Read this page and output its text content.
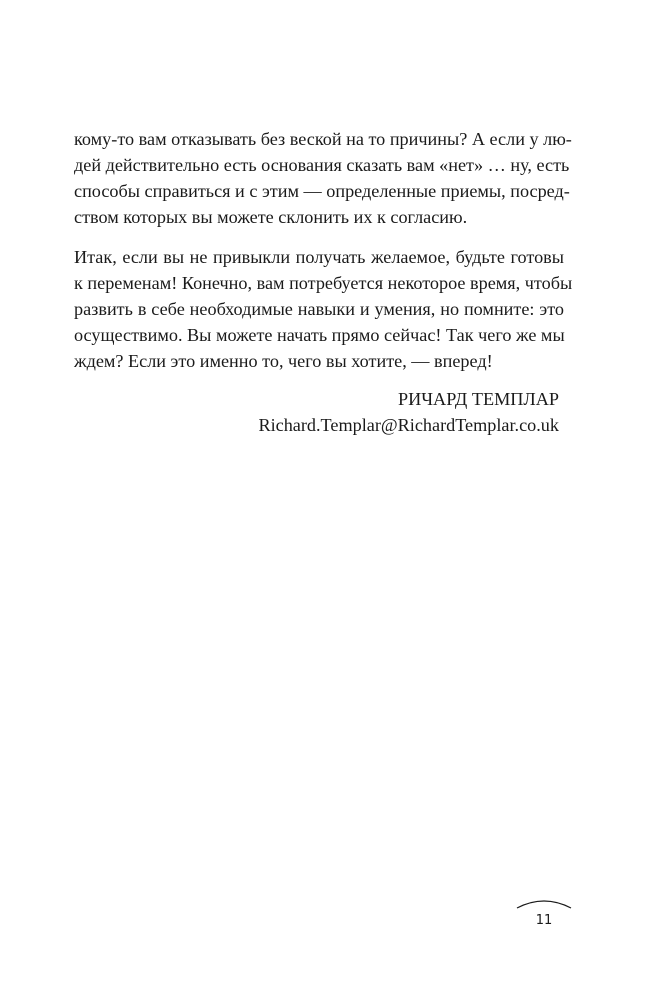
кому-то вам отказывать без веской на то причины? А если у лю-
дей действительно есть основания сказать вам «нет» … ну, есть
способы справиться и с этим — определенные приемы, посред-
ством которых вы можете склонить их к согласию.
Итак, если вы не привыкли получать желаемое, будьте готовы
к переменам! Конечно, вам потребуется некоторое время, чтобы
развить в себе необходимые навыки и умения, но помните: это
осуществимо. Вы можете начать прямо сейчас! Так чего же мы
ждем? Если это именно то, чего вы хотите, — вперед!
РИЧАРД ТЕМПЛАР
Richard.Templar@RichardTemplar.co.uk
11
